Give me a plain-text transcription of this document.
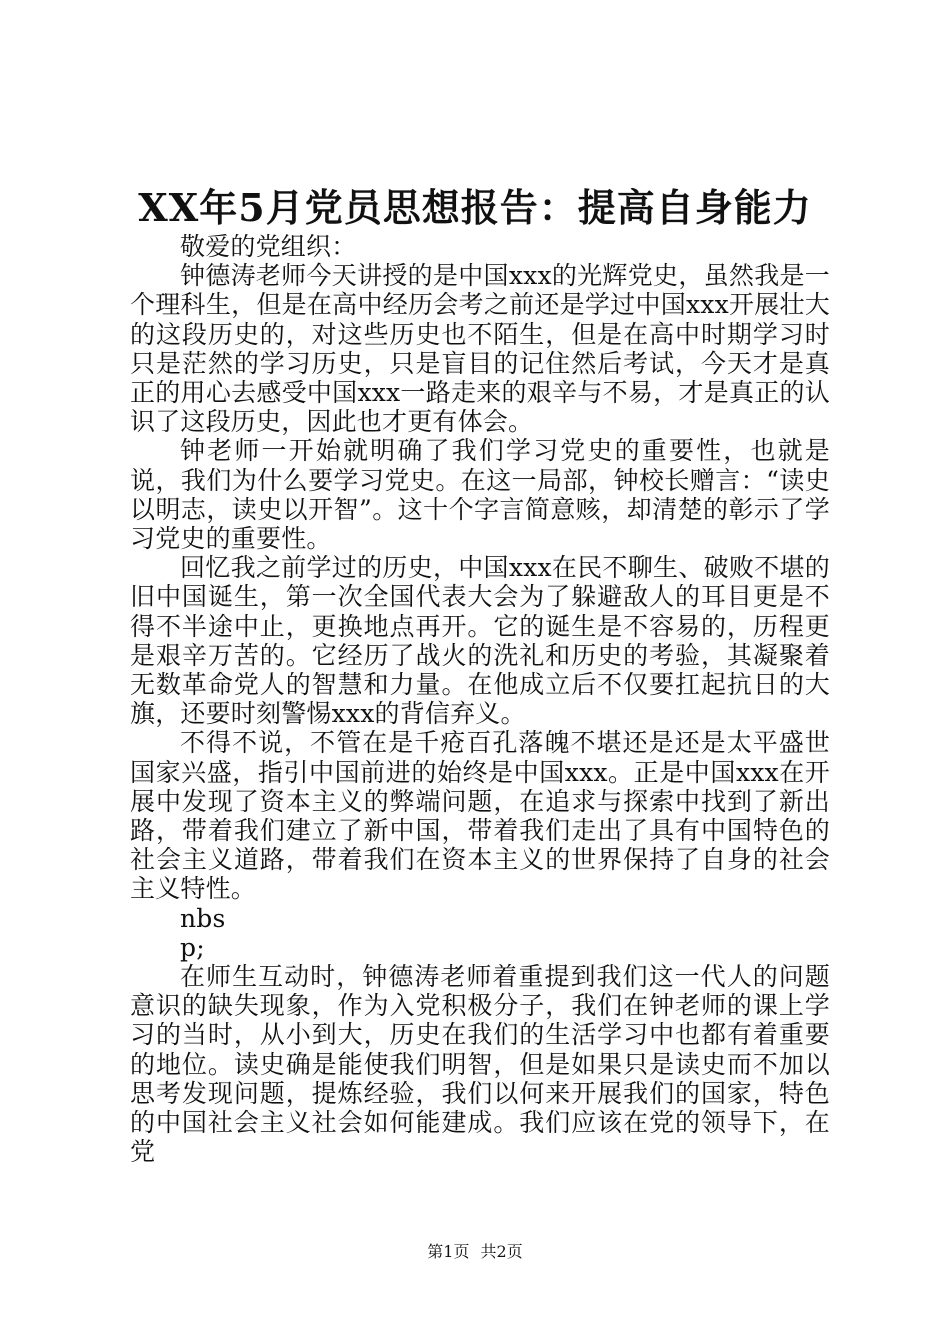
XX年5月党员思想报告：提高自身能力

敬爱的党组织：

钟德涛老师今天讲授的是中国xxx的光辉党史，虽然我是一个理科生，但是在高中经历会考之前还是学过中国xxx开展壮大的这段历史的，对这些历史也不陌生，但是在高中时期学习时只是茫然的学习历史，只是盲目的记住然后考试，今天才是真正的用心去感受中国xxx一路走来的艰辛与不易，才是真正的认识了这段历史，因此也才更有体会。

钟老师一开始就明确了我们学习党史的重要性，也就是说，我们为什么要学习党史。在这一局部，钟校长赠言：“读史以明志，读史以开智”。这十个字言简意赅，却清楚的彰示了学习党史的重要性。

回忆我之前学过的历史，中国xxx在民不聊生、破败不堪的旧中国诞生，第一次全国代表大会为了躲避敌人的耳目更是不得不半途中止，更换地点再开。它的诞生是不容易的，历程更是艰辛万苦的。它经历了战火的洗礼和历史的考验，其凝聚着无数革命党人的智慧和力量。在他成立后不仅要扛起抗日的大旗，还要时刻警惕xxx的背信弃义。

不得不说，不管在是千疮百孔落魄不堪还是还是太平盛世国家兴盛，指引中国前进的始终是中国xxx。正是中国xxx在开展中发现了资本主义的弊端问题，在追求与探索中找到了新出路，带着我们建立了新中国，带着我们走出了具有中国特色的社会主义道路，带着我们在资本主义的世界保持了自身的社会主义特性。

nbs

p;

在师生互动时，钟德涛老师着重提到我们这一代人的问题意识的缺失现象，作为入党积极分子，我们在钟老师的课上学习的当时，从小到大，历史在我们的生活学习中也都有着重要的地位。读史确是能使我们明智，但是如果只是读史而不加以思考发现问题，提炼经验，我们以何来开展我们的国家，特色的中国社会主义社会如何能建成。我们应该在党的领导下，在党

第1页 共2页
